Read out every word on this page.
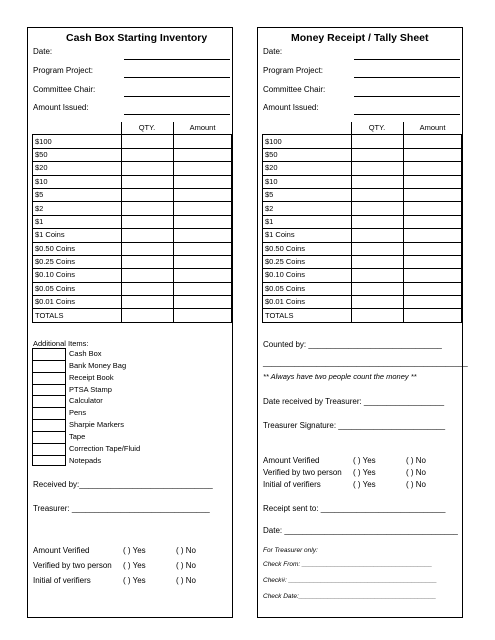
Cash Box Starting Inventory
Date:
Program Project:
Committee Chair:
Amount Issued:
	QTY.	Amount
$100		
$50		
$20		
$10		
$5		
$2		
$1		
$1 Coins		
$0.50 Coins		
$0.25 Coins		
$0.10 Coins		
$0.05 Coins		
$0.01 Coins		
TOTALS		
Additional Items:
Cash Box
Bank Money Bag
Receipt Book
PTSA Stamp
Calculator
Pens
Sharpie Markers
Tape
Correction Tape/Fluid
Notepads
Received by:______________________________
Treasurer: _______________________________
Amount Verified	( ) Yes	( ) No
Verified by two person ( ) Yes	( ) No
Initial of verifiers	( ) Yes	( ) No
Money Receipt / Tally Sheet
Date:
Program Project:
Committee Chair:
Amount Issued:
	QTY.	Amount
$100		
$50		
$20		
$10		
$5		
$2		
$1		
$1 Coins		
$0.50 Coins		
$0.25 Coins		
$0.10 Coins		
$0.05 Coins		
$0.01 Coins		
TOTALS		
Counted by: ______________________________
______________________________________________
** Always have two people count the money **
Date received by Treasurer: __________________
Treasurer Signature: ________________________
Amount Verified	( ) Yes	( ) No
Verified by two person ( ) Yes	( ) No
Initial of verifiers	( ) Yes	( ) No
Receipt sent to: ____________________________
Date: _______________________________________
For Treasurer only:
Check From: ____________________________________
Check#: _________________________________________
Check Date:______________________________________
